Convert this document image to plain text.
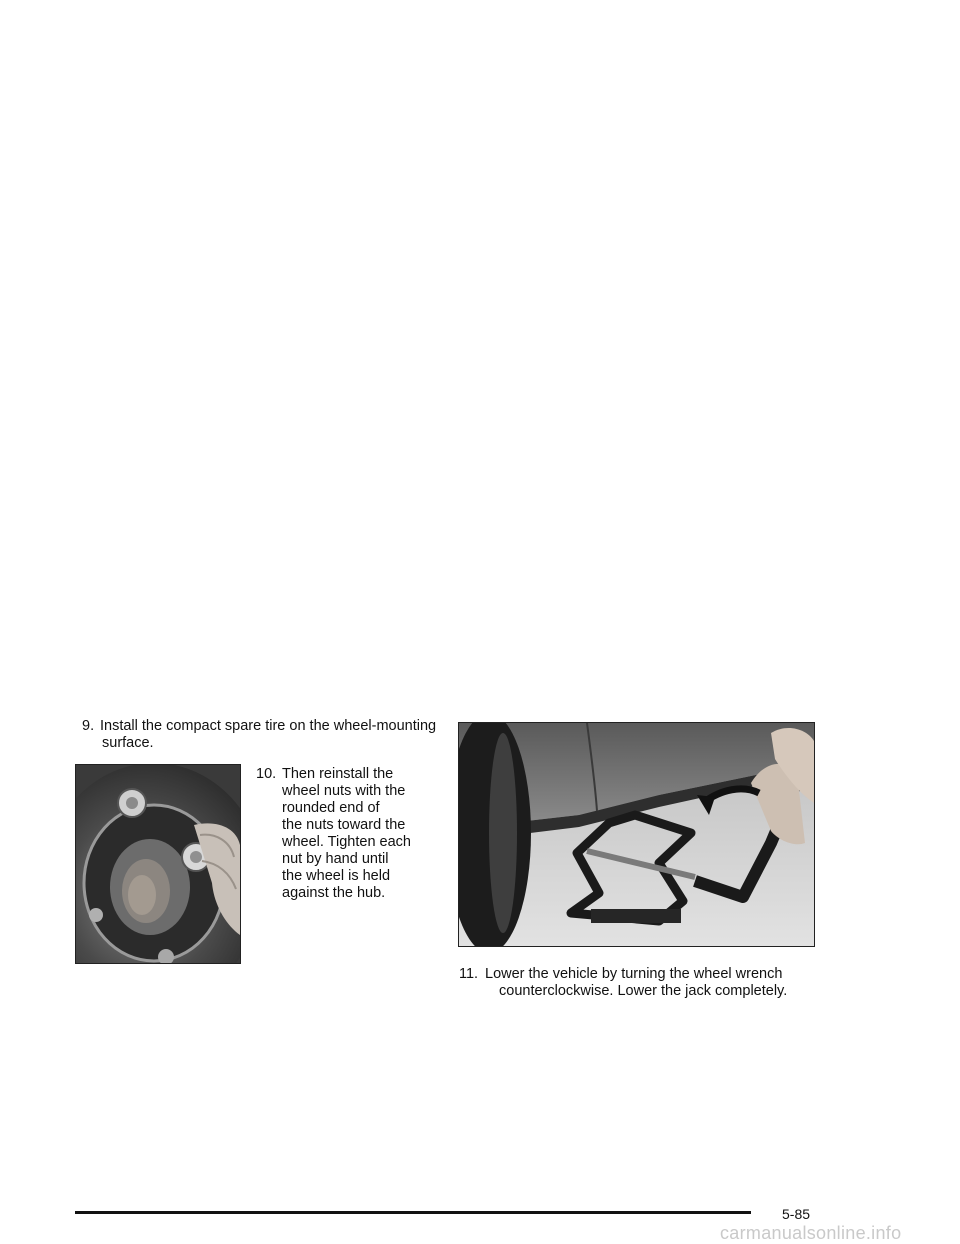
9. Install the compact spare tire on the wheel-mounting
surface.
10. Then reinstall the
wheel nuts with the
rounded end of
the nuts toward the
wheel. Tighten each
nut by hand until
the wheel is held
against the hub.
11. Lower the vehicle by turning the wheel wrench
counterclockwise. Lower the jack completely.
5-85
carmanualsonline.info
